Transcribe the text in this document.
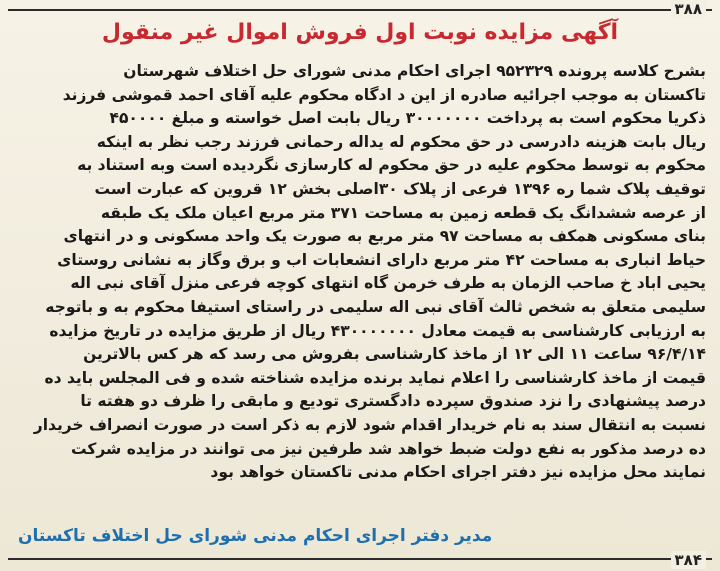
۳۸۸
آگهی مزایده نوبت اول فروش اموال غیر منقول
بشرح کلاسه پرونده ۹۵۲۳۲۹ اجرای احکام مدنی شورای حل اختلاف شهرستان
تاکستان به موجب اجرائیه صادره از این د ادگاه محکوم علیه آقای احمد قموشی فرزند
ذکریا محکوم است به پرداخت ۳۰۰۰۰۰۰۰ ریال بابت اصل خواسته و مبلغ ۴۵۰۰۰۰
ریال بابت هزینه دادرسی در حق محکوم له یداله رحمانی فرزند رجب نظر به اینکه
محکوم به توسط محکوم علیه در حق محکوم له کارسازی نگردیده است وبه استناد به
توقیف پلاک شما ره ۱۳۹۶ فرعی از پلاک ۳۰اصلی بخش ۱۲ قروین که عبارت است
از عرصه ششدانگ یک قطعه زمین به مساحت ۳۷۱ متر مربع اعیان ملک یک طبقه
بنای مسکونی همکف به مساحت ۹۷ متر مربع به صورت یک واحد مسکونی و در انتهای
حیاط انباری به مساحت ۴۲ متر مربع دارای انشعابات اب و برق وگاز به نشانی روستای
یحیی اباد خ صاحب الزمان به طرف خرمن گاه انتهای کوچه فرعی منزل آقای نبی اله
سلیمی متعلق به شخص ثالث آقای نبی اله سلیمی در راستای استیفا محکوم به و باتوجه
به ارزیابی کارشناسی به قیمت معادل ۴۳۰۰۰۰۰۰۰ ریال از طریق مزایده در تاریخ مزایده
۹۶/۴/۱۴ ساعت ۱۱ الی ۱۲ از ماخذ کارشناسی بفروش می رسد که هر کس بالاترین
قیمت از ماخذ کارشناسی را اعلام نماید برنده مزایده شناخته شده و فی المجلس باید ده
درصد پیشنهادی را نزد صندوق سپرده دادگستری تودیع و مابقی را ظرف دو هفته تا
نسبت به انتقال سند به نام خریدار اقدام شود لازم به ذکر است در صورت انصراف خریدار
ده درصد مذکور به نفع دولت ضبط خواهد شد طرفین نیز می توانند در مزایده شرکت
نمایند محل مزایده نیز دفتر اجرای احکام مدنی تاکستان خواهد بود
مدیر دفتر اجرای احکام مدنی شورای حل اختلاف تاکستان
۳۸۴
